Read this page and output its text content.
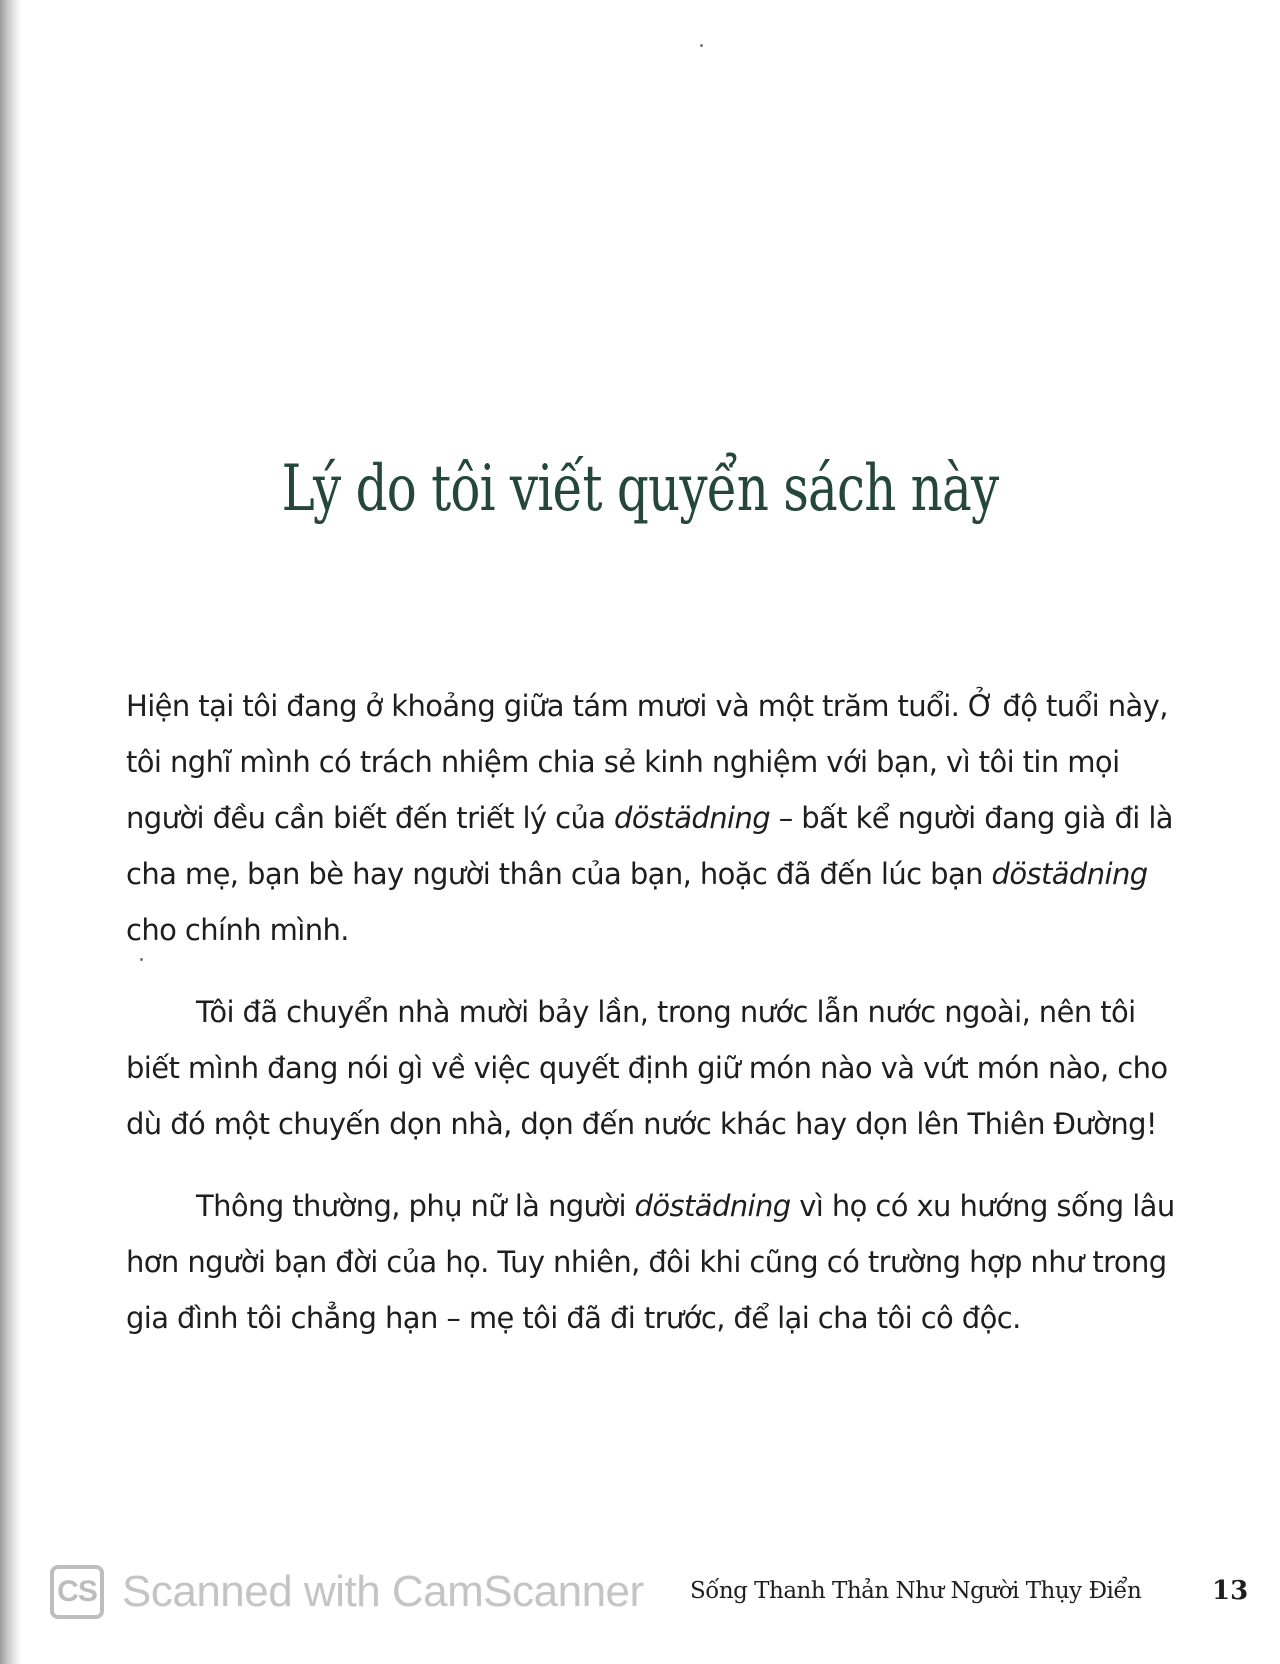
Lý do tôi viết quyển sách này

Hiện tại tôi đang ở khoảng giữa tám mươi và một trăm tuổi. Ở độ tuổi này, tôi nghĩ mình có trách nhiệm chia sẻ kinh nghiệm với bạn, vì tôi tin mọi người đều cần biết đến triết lý của döstädning – bất kể người đang già đi là cha mẹ, bạn bè hay người thân của bạn, hoặc đã đến lúc bạn döstädning cho chính mình.

Tôi đã chuyển nhà mười bảy lần, trong nước lẫn nước ngoài, nên tôi biết mình đang nói gì về việc quyết định giữ món nào và vứt món nào, cho dù đó một chuyến dọn nhà, dọn đến nước khác hay dọn lên Thiên Đường!

Thông thường, phụ nữ là người döstädning vì họ có xu hướng sống lâu hơn người bạn đời của họ. Tuy nhiên, đôi khi cũng có trường hợp như trong gia đình tôi chẳng hạn – mẹ tôi đã đi trước, để lại cha tôi cô độc.

CS Scanned with CamScanner Sống Thanh Thản Như Người Thụy Điển	13
